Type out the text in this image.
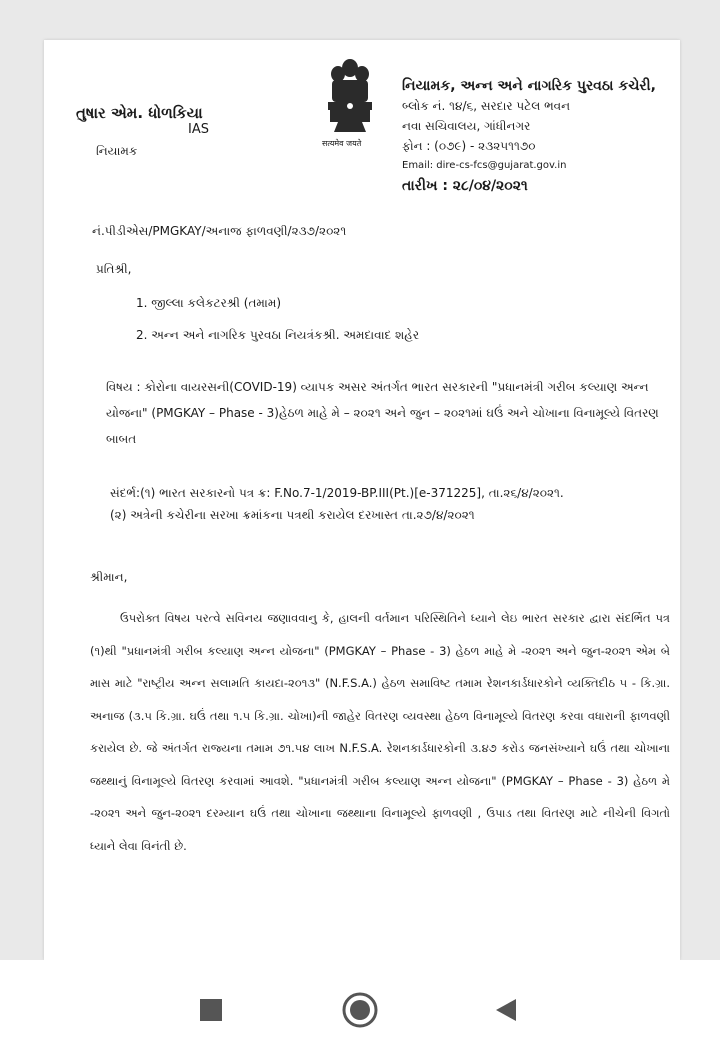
તુષાર એમ. ધોળકિયા
IAS
નિયામક
सत्यमेव जयते
નિયામક, અન્ન અને નાગરિક પુરવઠા કચેરી,
બ્લોક નં. ૧૪/૬, સરદાર પટેલ ભવન
નવા સચિવાલય, ગાંધીનગર
ફોન : (૦૭૯) - ૨૩૨૫૧૧૭૦
Email: dire-cs-fcs@gujarat.gov.in
તારીખ : ૨૮/૦૪/૨૦૨૧
નં.પીડીએસ/PMGKAY/અનાજ ફાળવણી/૨૩૭/૨૦૨૧
પ્રતિશ્રી,
1. જીલ્લા કલેકટરશ્રી (તમામ)
2. અન્ન અને નાગરિક પુરવઠા નિયત્રંકશ્રી. અમદાવાદ શહેર
વિષય : કોરોના વાયરસની(COVID-19) વ્યાપક અસર અંતર્ગત ભારત સરકારની "પ્રધાનમંત્રી ગરીબ કલ્યાણ અન્ન યોજના" (PMGKAY – Phase - 3)હેઠળ માહે મે – ૨૦૨૧ અને જુન – ૨૦૨૧માં ઘઉં અને ચોખાના વિનામૂલ્યે વિતરણ બાબત
સંદર્ભ:(૧) ભારત સરકારનો પત્ર ક્ર: F.No.7-1/2019-BP.III(Pt.)[e-371225], તા.૨૬/૪/૨૦૨૧.
(૨) અત્રેની કચેરીના સરખા ક્રમાંકના પત્રથી કરાયેલ દરખાસ્ત તા.૨૭/૪/૨૦૨૧
શ્રીમાન,

ઉપરોક્ત વિષય પરત્વે સવિનય જણાવવાનુ કે, હાલની વર્તમાન પરિસ્થિતિને ધ્યાને લેઇ ભારત સરકાર દ્વારા સંદર્ભિત પત્ર (૧)થી "પ્રધાનમંત્રી ગરીબ કલ્યાણ અન્ન યોજના" (PMGKAY – Phase - 3) હેઠળ માહે મે -૨૦૨૧ અને જુન-૨૦૨૧ એમ બે માસ માટે "રાષ્ટ્રીય અન્ન સલામતિ કાયદા-૨૦૧૩" (N.F.S.A.) હેઠળ સમાવિષ્ટ તમામ રેશનકાર્ડધારકોને વ્યક્તિદીઠ ૫ - કિ.ગ્રા. અનાજ (૩.૫ કિ.ગ્રા. ઘઉં તથા ૧.૫ કિ.ગ્રા. ચોખા)ની જાહેર વિતરણ વ્યવસ્થા હેઠળ વિનામૂલ્યે વિતરણ કરવા વધારાની ફાળવણી કરાયેલ છે. જે અંતર્ગત રાજ્યના તમામ ૭૧.૫૪ લાખ N.F.S.A. રેશનકાર્ડધારકોની ૩.૪૭ કરોડ જનસંખ્યાને ઘઉં તથા ચોખાના જથ્થાનું વિનામૂલ્યે વિતરણ કરવામાં આવશે. "પ્રધાનમંત્રી ગરીબ કલ્યાણ અન્ન યોજના" (PMGKAY – Phase - 3) હેઠળ મે -૨૦૨૧ અને જુન-૨૦૨૧ દરમ્યાન ઘઉં તથા ચોખાના જથ્થાના વિનામૂલ્યે ફાળવણી , ઉપાડ તથા વિતરણ માટે નીચેની વિગતો ધ્યાને લેવા વિનંતી છે.
